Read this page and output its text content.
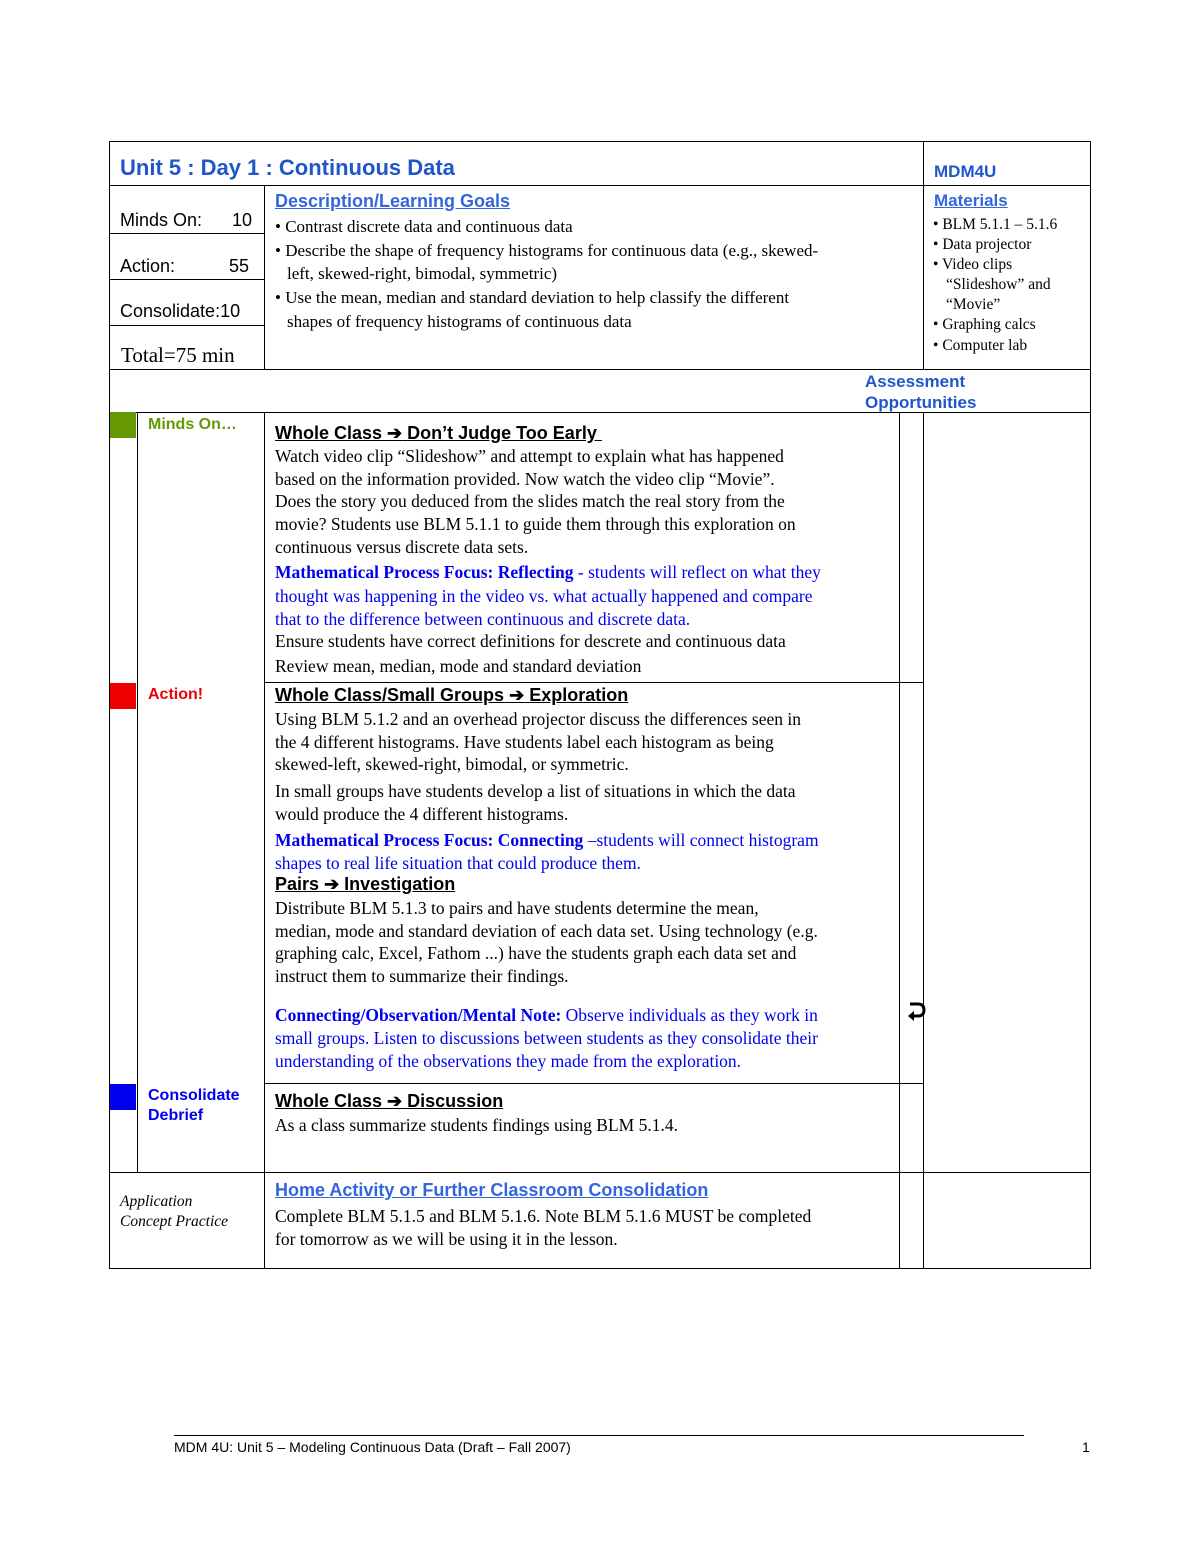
Unit 5 : Day 1 : Continuous Data	MDM4U
Minds On: 10
Action:	55
Consolidate:10
Total=75 min
Description/Learning Goals
• Contrast discrete data and continuous data
• Describe the shape of frequency histograms for continuous data (e.g., skewed-
left, skewed-right, bimodal, symmetric)
• Use the mean, median and standard deviation to help classify the different
shapes of frequency histograms of continuous data
Materials
• BLM 5.1.1 – 5.1.6
• Data projector
• Video clips
“Slideshow” and
“Movie”
• Graphing calcs
• Computer lab
Assessment
Opportunities
Minds On… Whole Class ➔ Don’t Judge Too Early
Watch video clip “Slideshow” and attempt to explain what has happened
based on the information provided. Now watch the video clip “Movie”.
Does the story you deduced from the slides match the real story from the
movie? Students use BLM 5.1.1 to guide them through this exploration on
continuous versus discrete data sets.
Mathematical Process Focus: Reflecting - students will reflect on what they
thought was happening in the video vs. what actually happened and compare
that to the difference between continuous and discrete data.
Ensure students have correct definitions for descrete and continuous data
Review mean, median, mode and standard deviation
Action!	Whole Class/Small Groups ➔ Exploration
Using BLM 5.1.2 and an overhead projector discuss the differences seen in
the 4 different histograms. Have students label each histogram as being
skewed-left, skewed-right, bimodal, or symmetric.
In small groups have students develop a list of situations in which the data
would produce the 4 different histograms.
Mathematical Process Focus: Connecting –students will connect histogram
shapes to real life situation that could produce them.
Pairs ➔ Investigation
Distribute BLM 5.1.3 to pairs and have students determine the mean,
median, mode and standard deviation of each data set. Using technology (e.g.
graphing calc, Excel, Fathom ...) have the students graph each data set and
instruct them to summarize their findings.
Connecting/Observation/Mental Note: Observe individuals as they work in
small groups. Listen to discussions between students as they consolidate their
understanding of the observations they made from the exploration.
Consolidate
Debrief
Whole Class ➔ Discussion
As a class summarize students findings using BLM 5.1.4.
Application
Concept Practice
Home Activity or Further Classroom Consolidation
Complete BLM 5.1.5 and BLM 5.1.6. Note BLM 5.1.6 MUST be completed
for tomorrow as we will be using it in the lesson.
MDM 4U: Unit 5 – Modeling Continuous Data (Draft – Fall 2007)	1
